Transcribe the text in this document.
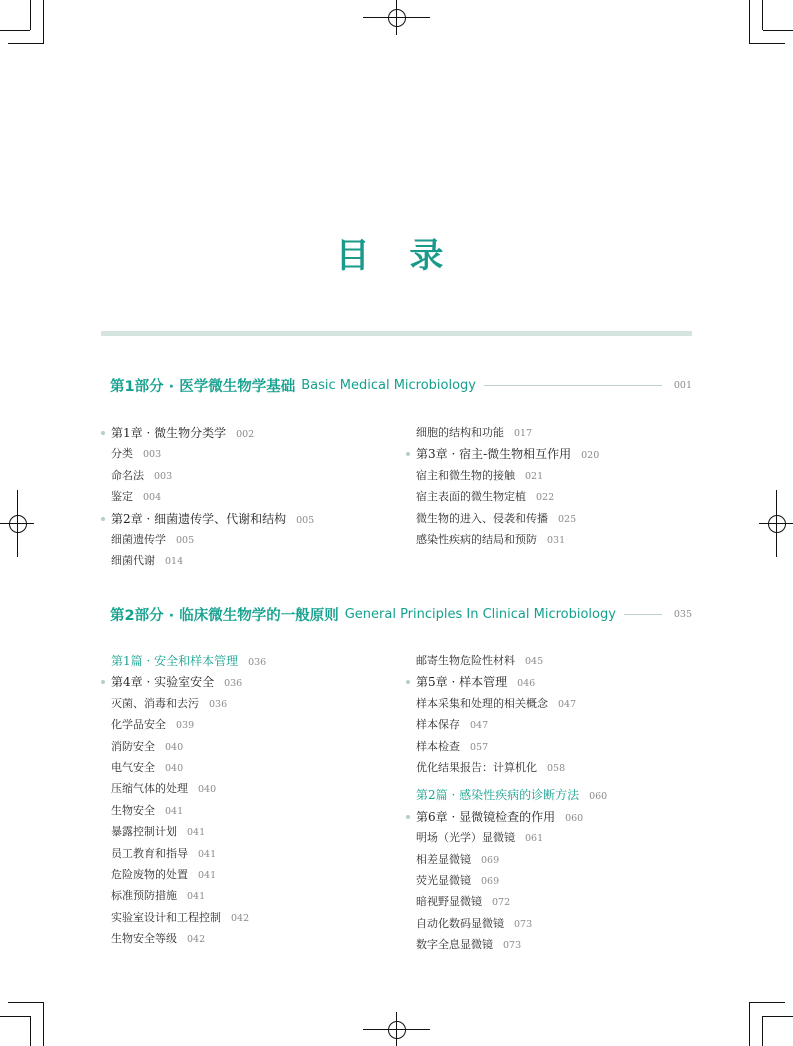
目 录
第1部分 · 医学微生物学基础 Basic Medical Microbiology	001
第1章 · 微生物分类学 002
分类 003
命名法 003
鉴定 004
第2章 · 细菌遗传学、代谢和结构 005
细菌遗传学 005
细菌代谢 014
细胞的结构和功能 017
第3章 · 宿主-微生物相互作用 020
宿主和微生物的接触 021
宿主表面的微生物定植 022
微生物的进入、侵袭和传播 025
感染性疾病的结局和预防 031
第2部分 · 临床微生物学的一般原则 General Principles In Clinical Microbiology	035
第1篇 · 安全和样本管理 036
第4章 · 实验室安全 036
灭菌、消毒和去污 036
化学品安全 039
消防安全 040
电气安全 040
压缩气体的处理 040
生物安全 041
暴露控制计划 041
员工教育和指导 041
危险废物的处置 041
标准预防措施 041
实验室设计和工程控制 042
生物安全等级 042
邮寄生物危险性材料 045
第5章 · 样本管理 046
样本采集和处理的相关概念 047
样本保存 047
样本检查 057
优化结果报告：计算机化 058
第2篇 · 感染性疾病的诊断方法 060
第6章 · 显微镜检查的作用 060
明场（光学）显微镜 061
相差显微镜 069
荧光显微镜 069
暗视野显微镜 072
自动化数码显微镜 073
数字全息显微镜 073
